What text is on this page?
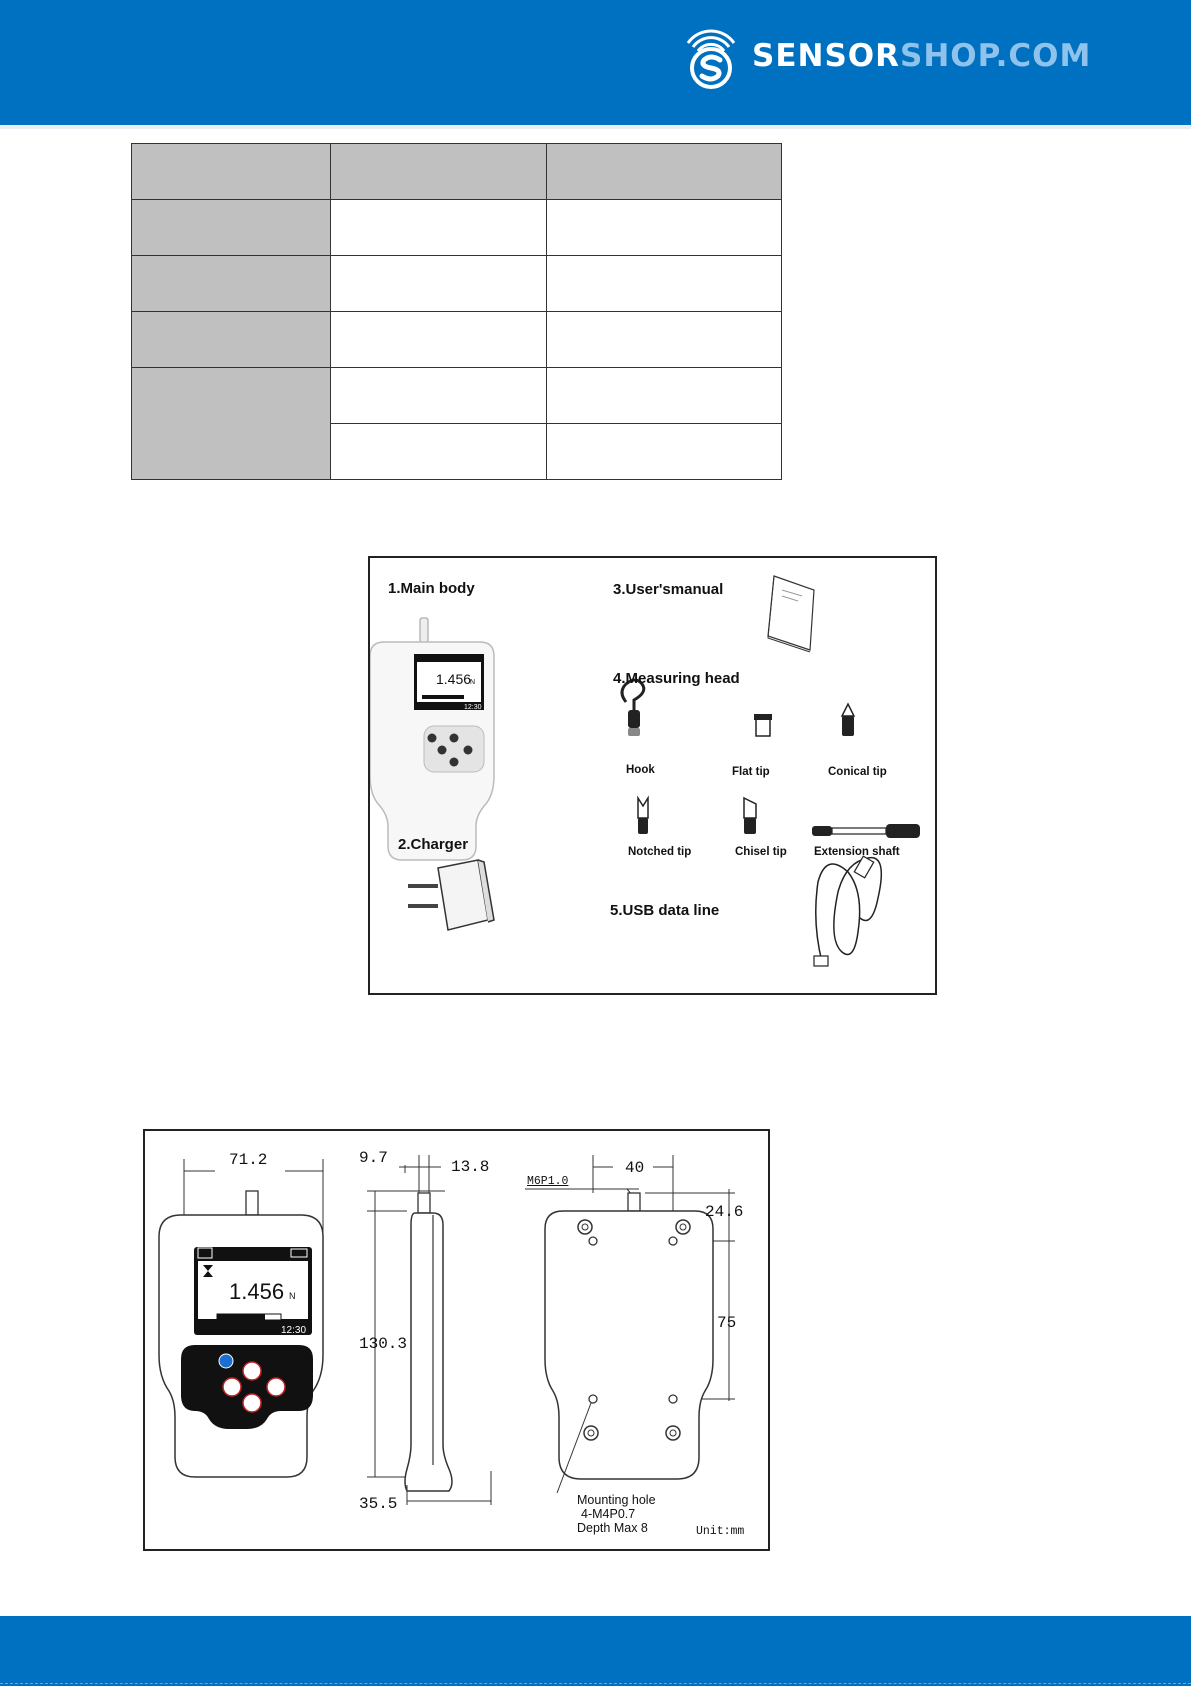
SENSORSHOP.COM

1.456
N
12:30
1.Main body
2.Charger
3.User'smanual
4.Measuring head
5.USB data line
Hook	Flat tip	Conical tip
Notched tip	Chisel tip Extension shaft
1.456 N
12:30
71.2	9.7	13.8
130.3
35.5
M6P1.0
40
24.6
75
Mounting hole
4-M4P0.7
Depth Max 8	Unit:mm
